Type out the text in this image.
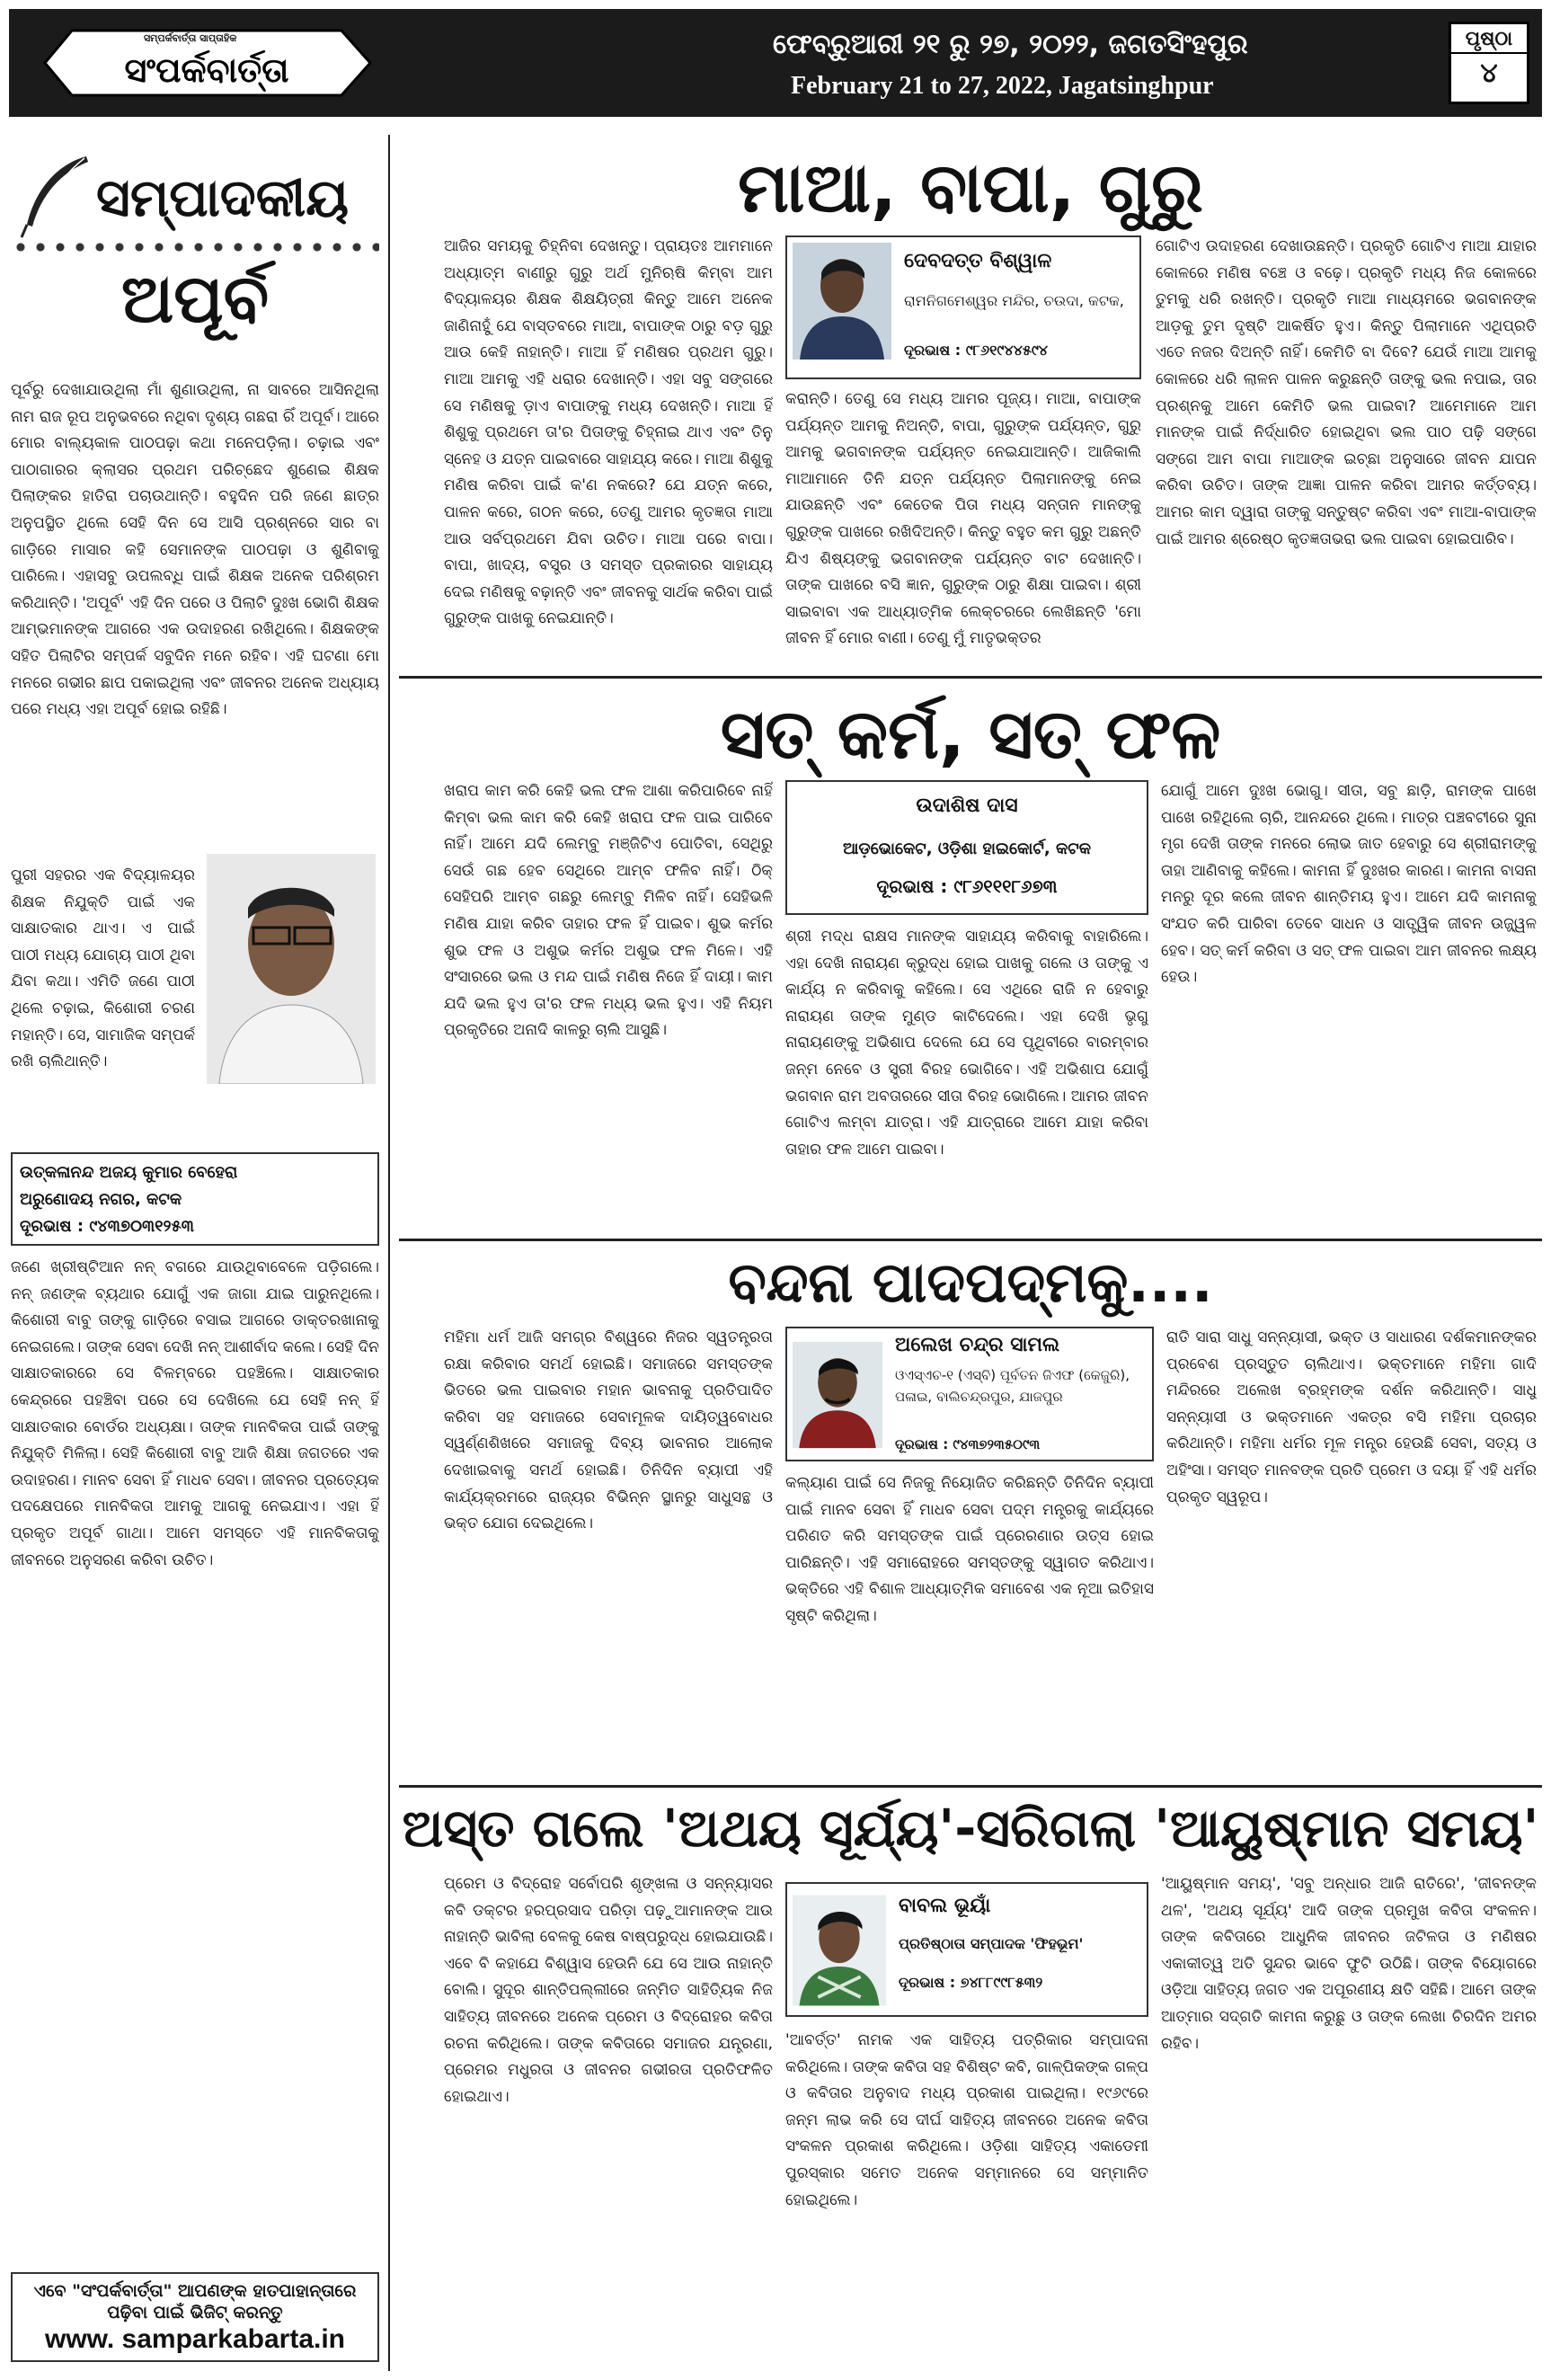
ସମ୍ପର୍କବାର୍ତ୍ତା ସାପ୍ତାହିକ
ସଂପର୍କବାର୍ତ୍ତା
ଫେବ୍ରୁଆରୀ ୨୧ ରୁ ୨୭, ୨୦୨୨, ଜଗତସିଂହପୁର
February 21 to 27, 2022, Jagatsinghpur
ପୃଷ୍ଠା
୪
ସମ୍ପାଦକୀୟ
ଅପୂର୍ବ
ପୂର୍ବରୁ ଦେଖାଯାଉଥିଲା ମାଁ ଶୁଣାଉଥିଲା, ନା ସାବରେ ଆସିନଥିଲା ନାମ ରାଜ ରୂପ ଅନୁଭବରେ ନଥିବା ଦୃଶ୍ୟ ଗଛରା ରିଁ ଅପୂର୍ବ। ଆରେ ମୋର ବାଲ୍ୟକାଳ ପାଠପଢ଼ା କଥା ମନେପଡ଼ିଲା। ଚଢ଼ାଇ ଏବଂ ପାଠାଗାରର କ୍ଲାସର ପ୍ରଥମ ପରିଚ୍ଛେଦ ଶୁଣେଇ ଶିକ୍ଷକ ପିଲାଙ୍କର ହାତିରା ପଚାଉଥାନ୍ତି। ବହୁଦିନ ପରି ଜଣେ ଛାତ୍ର ଅନୁପସ୍ଥିତ ଥିଲେ ସେହି ଦିନ ସେ ଆସି ପ୍ରଶ୍ନରେ ସାର ବା ଗାଡ଼ିରେ ମାସାର କହି ସେମାନଙ୍କ ପାଠପଢ଼ା ଓ ଶୁଣିବାକୁ ପାରିଲେ। ଏହାସବୁ ଉପଲବ୍ଧି ପାଇଁ ଶିକ୍ଷକ ଅନେକ ପରିଶ୍ରମ କରିଥାନ୍ତି। 'ଅପୂର୍ବ' ଏହି ଦିନ ପରେ ଓ ପିଲାଟି ଦୁଃଖ ଭୋଗି ଶିକ୍ଷକ ଆମ୍ଭମାନଙ୍କ ଆଗରେ ଏକ ଉଦାହରଣ ରଖିଥିଲେ। ଶିକ୍ଷକଙ୍କ ସହିତ ପିଲାଟିର ସମ୍ପର୍କ ସବୁଦିନ ମନେ ରହିବ। ଏହି ଘଟଣା ମୋ ମନରେ ଗଭୀର ଛାପ ପକାଇଥିଲା ଏବଂ ଜୀବନର ଅନେକ ଅଧ୍ୟାୟ ପରେ ମଧ୍ୟ ଏହା ଅପୂର୍ବ ହୋଇ ରହିଛି।
ପୁରୀ ସହରର ଏକ ବିଦ୍ୟାଳୟର ଶିକ୍ଷକ ନିଯୁକ୍ତି ପାଇଁ ଏକ ସାକ୍ଷାତକାର ଥାଏ। ଏ ପାଇଁ ପାଠୀ ମଧ୍ୟ ଯୋଗ୍ୟ ପାଠୀ ଥିବା ଯିବା କଥା। ଏମିତି ଜଣେ ପାଠୀ ଥିଲେ ଚଢ଼ାଇ, କିଶୋରୀ ଚରଣ ମହାନ୍ତି। ସେ, ସାମାଜିକ ସମ୍ପର୍କ ରଖି ଚାଲିଥାନ୍ତି।
ଉତ୍କଳାନନ୍ଦ ଅଜୟ କୁମାର ବେହେରା
ଅରୁଣୋଦୟ ନଗର, କଟକ
ଦୂରଭାଷ : ୯୪୩୭୦୩୧୨୫୩
ଜଣେ ଖ୍ରୀଷ୍ଟିଆନ ନନ୍ ବଗରେ ଯାଉଥିବାବେଳେ ପଡ଼ିଗଲେ। ନନ୍ ଜଣଙ୍କ ବ୍ୟଥାର ଯୋଗୁଁ ଏକ ଜାଗା ଯାଇ ପାରୁନଥିଲେ। କିଶୋରୀ ବାବୁ ତାଙ୍କୁ ଗାଡ଼ିରେ ବସାଇ ଆଗରେ ଡାକ୍ତରଖାନାକୁ ନେଇଗଲେ। ତାଙ୍କ ସେବା ଦେଖି ନନ୍ ଆଶୀର୍ବାଦ କଲେ। ସେହି ଦିନ ସାକ୍ଷାତକାରରେ ସେ ବିଳମ୍ବରେ ପହଞ୍ଚିଲେ। ସାକ୍ଷାତକାର କେନ୍ଦ୍ରରେ ପହଞ୍ଚିବା ପରେ ସେ ଦେଖିଲେ ଯେ ସେହି ନନ୍ ହିଁ ସାକ୍ଷାତକାର ବୋର୍ଡର ଅଧ୍ୟକ୍ଷା। ତାଙ୍କ ମାନବିକତା ପାଇଁ ତାଙ୍କୁ ନିଯୁକ୍ତି ମିଳିଲା। ସେହି କିଶୋରୀ ବାବୁ ଆଜି ଶିକ୍ଷା ଜଗତରେ ଏକ ଉଦାହରଣ। ମାନବ ସେବା ହିଁ ମାଧବ ସେବା। ଜୀବନର ପ୍ରତ୍ୟେକ ପଦକ୍ଷେପରେ ମାନବିକତା ଆମକୁ ଆଗକୁ ନେଇଯାଏ। ଏହା ହିଁ ପ୍ରକୃତ ଅପୂର୍ବ ଗାଥା। ଆମେ ସମସ୍ତେ ଏହି ମାନବିକତାକୁ ଜୀବନରେ ଅନୁସରଣ କରିବା ଉଚିତ।
ଏବେ "ସଂପର୍କବାର୍ତ୍ତା" ଆପଣଙ୍କ ହାତପାହାନ୍ତାରେ
ପଢ଼ିବା ପାଇଁ ଭିଜିଟ୍ କରନ୍ତୁ
www. samparkabarta.in
ମାଆ, ବାପା, ଗୁରୁ
ଆଜିର ସମୟକୁ ଚିହ୍ନିବା ଦେଖନ୍ତୁ। ପ୍ରାୟତଃ ଆମମାନେ ଅଧ୍ୟାତ୍ମ ବାଣୀରୁ ଗୁରୁ ଅର୍ଥ ମୁନିଋଷି କିମ୍ବା ଆମ ବିଦ୍ୟାଳୟର ଶିକ୍ଷକ ଶିକ୍ଷୟିତ୍ରୀ କିନ୍ତୁ ଆମେ ଅନେକ ଜାଣିନାହୁଁ ଯେ ବାସ୍ତବରେ ମାଆ, ବାପାଙ୍କ ଠାରୁ ବଡ଼ ଗୁରୁ ଆଉ କେହି ନାହାନ୍ତି। ମାଆ ହିଁ ମଣିଷର ପ୍ରଥମ ଗୁରୁ। ମାଆ ଆମକୁ ଏହି ଧରାର ଦେଖାନ୍ତି। ଏହା ସବୁ ସଙ୍ଗରେ ସେ ମଣିଷକୁ ଡ଼ାଏ ବାପାଙ୍କୁ ମଧ୍ୟ ଦେଖନ୍ତି। ମାଆ ହିଁ ଶିଶୁକୁ ପ୍ରଥମେ ତା'ର ପିତାଙ୍କୁ ଚିହ୍ନାଇ ଥାଏ ଏବଂ ତିନୁ ସ୍ନେହ ଓ ଯତ୍ନ ପାଇବାରେ ସାହାଯ୍ୟ କରେ। ମାଆ ଶିଶୁକୁ ମଣିଷ କରିବା ପାଇଁ କ'ଣ ନକରେ? ଯେ ଯତ୍ନ କରେ, ପାଳନ କରେ, ଗଠନ କରେ, ତେଣୁ ଆମର କୃତଜ୍ଞତା ମାଆ ଆଉ ସର୍ବପ୍ରଥମେ ଯିବା ଉଚିତ। ମାଆ ପରେ ବାପା। ବାପା, ଖାଦ୍ୟ, ବସ୍ତ୍ର ଓ ସମସ୍ତ ପ୍ରକାରର ସାହାଯ୍ୟ ଦେଇ ମଣିଷକୁ ବଢ଼ାନ୍ତି ଏବଂ ଜୀବନକୁ ସାର୍ଥକ କରିବା ପାଇଁ ଗୁରୁଙ୍କ ପାଖକୁ ନେଇଯାନ୍ତି।
ଦେବଦତ୍ତ ବିଶ୍ୱାଳ
ରାମନିଗମେଶ୍ୱର ମନ୍ଦିର, ଚଉଦା, କଟକ,
ଦୂରଭାଷ : ୯୮୬୧୯୪୪୫୯୪
କରାନ୍ତି। ତେଣୁ ସେ ମଧ୍ୟ ଆମର ପୂଜ୍ୟ। ମାଆ, ବାପାଙ୍କ ପର୍ଯ୍ୟନ୍ତ ଆମକୁ ନିଅନ୍ତି, ବାପା, ଗୁରୁଙ୍କ ପର୍ଯ୍ୟନ୍ତ, ଗୁରୁ ଆମକୁ ଭଗବାନଙ୍କ ପର୍ଯ୍ୟନ୍ତ ନେଇଯାଆନ୍ତି। ଆଜିକାଲି ମାଆମାନେ ତିନି ଯତ୍ନ ପର୍ଯ୍ୟନ୍ତ ପିଲାମାନଙ୍କୁ ନେଇ ଯାଉଛନ୍ତି ଏବଂ କେତେକ ପିତା ମଧ୍ୟ ସନ୍ତାନ ମାନଙ୍କୁ ଗୁରୁଙ୍କ ପାଖରେ ରଖିଦିଅନ୍ତି। କିନ୍ତୁ ବହୁତ କମ ଗୁରୁ ଅଛନ୍ତି ଯିଏ ଶିଷ୍ୟଙ୍କୁ ଭଗବାନଙ୍କ ପର୍ଯ୍ୟନ୍ତ ବାଟ ଦେଖାନ୍ତି। ତାଙ୍କ ପାଖରେ ବସି ଜ୍ଞାନ, ଗୁରୁଙ୍କ ଠାରୁ ଶିକ୍ଷା ପାଇବା। ଶ୍ରୀ ସାଇବାବା ଏକ ଆଧ୍ୟାତ୍ମିକ ଲେକ୍ଚରରେ ଲେଖିଛନ୍ତି 'ମୋ ଜୀବନ ହିଁ ମୋର ବାଣୀ। ତେଣୁ ମୁଁ ମାତୃଭକ୍ତର
ଗୋଟିଏ ଉଦାହରଣ ଦେଖାଉଛନ୍ତି। ପ୍ରକୃତି ଗୋଟିଏ ମାଆ ଯାହାର କୋଳରେ ମଣିଷ ବଞ୍ଚେ ଓ ବଢ଼େ। ପ୍ରକୃତି ମଧ୍ୟ ନିଜ କୋଳରେ ତୁମକୁ ଧରି ରଖନ୍ତି। ପ୍ରକୃତି ମାଆ ମାଧ୍ୟମରେ ଭଗବାନଙ୍କ ଆଡ଼କୁ ତୁମ ଦୃଷ୍ଟି ଆକର୍ଷିତ ହୁଏ। କିନ୍ତୁ ପିଲାମାନେ ଏଥିପ୍ରତି ଏତେ ନଜର ଦିଅନ୍ତି ନାହିଁ। କେମିତି ବା ଦିବେ? ଯେଉଁ ମାଆ ଆମକୁ କୋଳରେ ଧରି ଲାଳନ ପାଳନ କରୁଛନ୍ତି ତାଙ୍କୁ ଭଲ ନପାଇ, ତାର ପ୍ରଶ୍ନକୁ ଆମେ କେମିତି ଭଲ ପାଇବା? ଆମେମାନେ ଆମ ମାନଙ୍କ ପାଇଁ ନିର୍ଦ୍ଧାରିତ ହୋଇଥିବା ଭଲ ପାଠ ପଢ଼ି ସଙ୍ଗେ ସଙ୍ଗେ ଆମ ବାପା ମାଆଙ୍କ ଇଚ୍ଛା ଅନୁସାରେ ଜୀବନ ଯାପନ କରିବା ଉଚିତ। ତାଙ୍କ ଆଜ୍ଞା ପାଳନ କରିବା ଆମର କର୍ତ୍ତବ୍ୟ। ଆମର କାମ ଦ୍ୱାରା ତାଙ୍କୁ ସନ୍ତୁଷ୍ଟ କରିବା ଏବଂ ମାଆ-ବାପାଙ୍କ ପାଇଁ ଆମର ଶ୍ରେଷ୍ଠ କୃତଜ୍ଞତାଭରା ଭଲ ପାଇବା ହୋଇପାରିବ।
ସତ୍ କର୍ମ, ସତ୍ ଫଳ
ଖରାପ କାମ କରି କେହି ଭଲ ଫଳ ଆଶା କରିପାରିବେ ନାହିଁ କିମ୍ବା ଭଲ କାମ କରି କେହି ଖରାପ ଫଳ ପାଇ ପାରିବେ ନାହିଁ। ଆମେ ଯଦି ଲେମ୍ବୁ ମଞ୍ଜିଟିଏ ପୋତିବା, ସେଥିରୁ ସେଉଁ ଗଛ ହେବ ସେଥିରେ ଆମ୍ବ ଫଳିବ ନାହିଁ। ଠିକ୍ ସେହିପରି ଆମ୍ବ ଗଛରୁ ଲେମ୍ବୁ ମିଳିବ ନାହିଁ। ସେହିଭଳି ମଣିଷ ଯାହା କରିବ ତାହାର ଫଳ ହିଁ ପାଇବ। ଶୁଭ କର୍ମର ଶୁଭ ଫଳ ଓ ଅଶୁଭ କର୍ମର ଅଶୁଭ ଫଳ ମିଳେ। ଏହି ସଂସାରରେ ଭଲ ଓ ମନ୍ଦ ପାଇଁ ମଣିଷ ନିଜେ ହିଁ ଦାୟୀ। କାମ ଯଦି ଭଲ ହୁଏ ତା'ର ଫଳ ମଧ୍ୟ ଭଲ ହୁଏ। ଏହି ନିୟମ ପ୍ରକୃତିରେ ଅନାଦି କାଳରୁ ଚାଲି ଆସୁଛି।
ଉଦାଶିଷ ଦାସ
ଆଡ଼ଭୋକେଟ, ଓଡ଼ିଶା ହାଇକୋର୍ଟ, କଟକ
ଦୂରଭାଷ : ୯୮୬୧୧୧୮୬୭୩
ଶ୍ରୀ ମଦ୍ଧ ରାକ୍ଷସ ମାନଙ୍କ ସାହାଯ୍ୟ କରିବାକୁ ବାହାରିଲେ। ଏହା ଦେଖି ନାରାୟଣ କ୍ରୁଦ୍ଧ ହୋଇ ପାଖକୁ ଗଲେ ଓ ତାଙ୍କୁ ଏ କାର୍ଯ୍ୟ ନ କରିବାକୁ କହିଲେ। ସେ ଏଥିରେ ରାଜି ନ ହେବାରୁ ନାରାୟଣ ତାଙ୍କ ମୁଣ୍ଡ କାଟିଦେଲେ। ଏହା ଦେଖି ଭୃଗୁ ନାରାୟଣଙ୍କୁ ଅଭିଶାପ ଦେଲେ ଯେ ସେ ପୃଥିବୀରେ ବାରମ୍ବାର ଜନ୍ମ ନେବେ ଓ ସ୍ତ୍ରୀ ବିରହ ଭୋଗିବେ। ଏହି ଅଭିଶାପ ଯୋଗୁଁ ଭଗବାନ ରାମ ଅବତାରରେ ସୀତା ବିରହ ଭୋଗିଲେ। ଆମର ଜୀବନ ଗୋଟିଏ ଲମ୍ବା ଯାତ୍ରା। ଏହି ଯାତ୍ରାରେ ଆମେ ଯାହା କରିବା ତାହାର ଫଳ ଆମେ ପାଇବା।
ଯୋଗୁଁ ଆମେ ଦୁଃଖ ଭୋଗୁ। ସୀତା, ସବୁ ଛାଡ଼ି, ରାମଙ୍କ ପାଖେ ପାଖେ ରହିଥିଲେ ଚାରି, ଆନନ୍ଦରେ ଥିଲେ। ମାତ୍ର ପଞ୍ଚବଟୀରେ ସୁନା ମୃଗ ଦେଖି ତାଙ୍କ ମନରେ ଲୋଭ ଜାତ ହେବାରୁ ସେ ଶ୍ରୀରାମଙ୍କୁ ତାହା ଆଣିବାକୁ କହିଲେ। କାମନା ହିଁ ଦୁଃଖର କାରଣ। କାମନା ବାସନା ମନରୁ ଦୂର କଲେ ଜୀବନ ଶାନ୍ତିମୟ ହୁଏ। ଆମେ ଯଦି କାମନାକୁ ସଂଯତ କରି ପାରିବା ତେବେ ସାଧନ ଓ ସାତ୍ତ୍ୱିକ ଜୀବନ ଉଜ୍ଜ୍ୱଳ ହେବ। ସତ୍ କର୍ମ କରିବା ଓ ସତ୍ ଫଳ ପାଇବା ଆମ ଜୀବନର ଲକ୍ଷ୍ୟ ହେଉ।
ବନ୍ଦନା ପାଦପଦ୍ମକୁ....
ମହିମା ଧର୍ମ ଆଜି ସମଗ୍ର ବିଶ୍ୱରେ ନିଜର ସ୍ୱତନ୍ତ୍ରତା ରକ୍ଷା କରିବାର ସମର୍ଥ ହୋଇଛି। ସମାଜରେ ସମସ୍ତଙ୍କ ଭିତରେ ଭଲ ପାଇବାର ମହାନ ଭାବନାକୁ ପ୍ରତିପାଦିତ କରିବା ସହ ସମାଜରେ ସେବାମୂଳକ ଦାୟିତ୍ୱବୋଧର ସ୍ୱର୍ଣ୍ଣଶିଖରେ ସମାଜକୁ ଦିବ୍ୟ ଭାବନାର ଆଲୋକ ଦେଖାଇବାକୁ ସମର୍ଥ ହୋଇଛି। ତିନିଦିନ ବ୍ୟାପୀ ଏହି କାର୍ଯ୍ୟକ୍ରମରେ ରାଜ୍ୟର ବିଭିନ୍ନ ସ୍ଥାନରୁ ସାଧୁସନ୍ଥ ଓ ଭକ୍ତ ଯୋଗ ଦେଇଥିଲେ।
ଅଲେଖ ଚନ୍ଦ୍ର ସାମଲ
ଓଏସ୍‌ଏଚ-୧ (ଏସ୍‌ବି) ପୂର୍ବତନ ଜିଏଫ (କେଜୁରି), ପଳାଇ, ବାଲିଚନ୍ଦ୍ରପୁର, ଯାଜପୁର
ଦୂରଭାଷ : ୯୪୩୭୨୩୫୦୯୩
କଲ୍ୟାଣ ପାଇଁ ସେ ନିଜକୁ ନିୟୋଜିତ କରିଛନ୍ତି ତିନିଦିନ ବ୍ୟାପୀ ପାଇଁ ମାନବ ସେବା ହିଁ ମାଧବ ସେବା ପଦ୍ମ ମନ୍ତ୍ରକୁ କାର୍ଯ୍ୟରେ ପରିଣତ କରି ସମସ୍ତଙ୍କ ପାଇଁ ପ୍ରେରଣାର ଉତ୍ସ ହୋଇ ପାରିଛନ୍ତି। ଏହି ସମାରୋହରେ ସମସ୍ତଙ୍କୁ ସ୍ୱାଗତ କରିଥାଏ। ଭକ୍ତିରେ ଏହି ବିଶାଳ ଆଧ୍ୟାତ୍ମିକ ସମାବେଶ ଏକ ନୂଆ ଇତିହାସ ସୃଷ୍ଟି କରିଥିଲା।
ରାତି ସାରା ସାଧୁ ସନ୍ନ୍ୟାସୀ, ଭକ୍ତ ଓ ସାଧାରଣ ଦର୍ଶକମାନଙ୍କର ପ୍ରବେଶ ପ୍ରସ୍ତୁତ ଚାଲିଥାଏ। ଭକ୍ତମାନେ ମହିମା ଗାଦି ମନ୍ଦିରରେ ଅଲେଖ ବ୍ରହ୍ମଙ୍କ ଦର୍ଶନ କରିଥାନ୍ତି। ସାଧୁ ସନ୍ନ୍ୟାସୀ ଓ ଭକ୍ତମାନେ ଏକତ୍ର ବସି ମହିମା ପ୍ରଚାର କରିଥାନ୍ତି। ମହିମା ଧର୍ମର ମୂଳ ମନ୍ତ୍ର ହେଉଛି ସେବା, ସତ୍ୟ ଓ ଅହିଂସା। ସମସ୍ତ ମାନବଙ୍କ ପ୍ରତି ପ୍ରେମ ଓ ଦୟା ହିଁ ଏହି ଧର୍ମର ପ୍ରକୃତ ସ୍ୱରୂପ।
ଅସ୍ତ ଗଲେ 'ଅଥୟ ସୂର୍ଯ୍ୟ'-ସରିଗଲା 'ଆୟୁଷ୍ମାନ ସମୟ'
ପ୍ରେମ ଓ ବିଦ୍ରୋହ ସର୍ବୋପରି ଶୃଙ୍ଖଳା ଓ ସନ୍ନ୍ୟାସର କବି ଡକ୍ଟର ହରପ୍ରସାଦ ପରିଡ଼ା ପଢ଼ୁଆମାନଙ୍କ ଆଉ ନାହାନ୍ତି ଭାବିଲା ବେଳକୁ କେଷ ବାଷ୍ପରୁଦ୍ଧ ହୋଇଯାଉଛି। ଏବେ ବି କହାଯେ ବିଶ୍ୱାସ ହେଉନି ଯେ ସେ ଆଉ ନାହାନ୍ତି ବୋଲି। ସୁଦୂର ଶାନ୍ତିପଲ୍ଲୀରେ ଜନ୍ମିତ ସାହିତ୍ୟିକ ନିଜ ସାହିତ୍ୟ ଜୀବନରେ ଅନେକ ପ୍ରେମ ଓ ବିଦ୍ରୋହର କବିତା ରଚନା କରିଥିଲେ। ତାଙ୍କ କବିତାରେ ସମାଜର ଯନ୍ତ୍ରଣା, ପ୍ରେମର ମଧୁରତା ଓ ଜୀବନର ଗଭୀରତା ପ୍ରତିଫଳିତ ହୋଇଥାଏ।
ବାବଲ ଭୂୟାଁ
ପ୍ରତିଷ୍ଠାତା ସମ୍ପାଦକ 'ଫିହଭୂମ'
ଦୂରଭାଷ : ୭୪୮୮୯୯୮୫୩୨
'ଆବର୍ତ୍ତ' ନାମକ ଏକ ସାହିତ୍ୟ ପତ୍ରିକାର ସମ୍ପାଦନା କରିଥିଲେ। ତାଙ୍କ କବିତା ସହ ବିଶିଷ୍ଟ କବି, ଗାଳ୍ପିକଙ୍କ ଗଳ୍ପ ଓ କବିତାର ଅନୁବାଦ ମଧ୍ୟ ପ୍ରକାଶ ପାଇଥିଲା। ୧୯୬୯ରେ ଜନ୍ମ ଲାଭ କରି ସେ ଦୀର୍ଘ ସାହିତ୍ୟ ଜୀବନରେ ଅନେକ କବିତା ସଂକଳନ ପ୍ରକାଶ କରିଥିଲେ। ଓଡ଼ିଶା ସାହିତ୍ୟ ଏକାଡେମୀ ପୁରସ୍କାର ସମେତ ଅନେକ ସମ୍ମାନରେ ସେ ସମ୍ମାନିତ ହୋଇଥିଲେ।
'ଆୟୁଷ୍ମାନ ସମୟ', 'ସବୁ ଅନ୍ଧାର ଆଜି ରାତିରେ', 'ଜୀବନଙ୍କ ଥଳ', 'ଅଥୟ ସୂର୍ଯ୍ୟ' ଆଦି ତାଙ୍କ ପ୍ରମୁଖ କବିତା ସଂକଳନ। ତାଙ୍କ କବିତାରେ ଆଧୁନିକ ଜୀବନର ଜଟିଳତା ଓ ମଣିଷର ଏକାକୀତ୍ୱ ଅତି ସୁନ୍ଦର ଭାବେ ଫୁଟି ଉଠିଛି। ତାଙ୍କ ବିୟୋଗରେ ଓଡ଼ିଆ ସାହିତ୍ୟ ଜଗତ ଏକ ଅପୂରଣୀୟ କ୍ଷତି ସହିଛି। ଆମେ ତାଙ୍କ ଆତ୍ମାର ସଦ୍‌ଗତି କାମନା କରୁଛୁ ଓ ତାଙ୍କ ଲେଖା ଚିରଦିନ ଅମର ରହିବ।
